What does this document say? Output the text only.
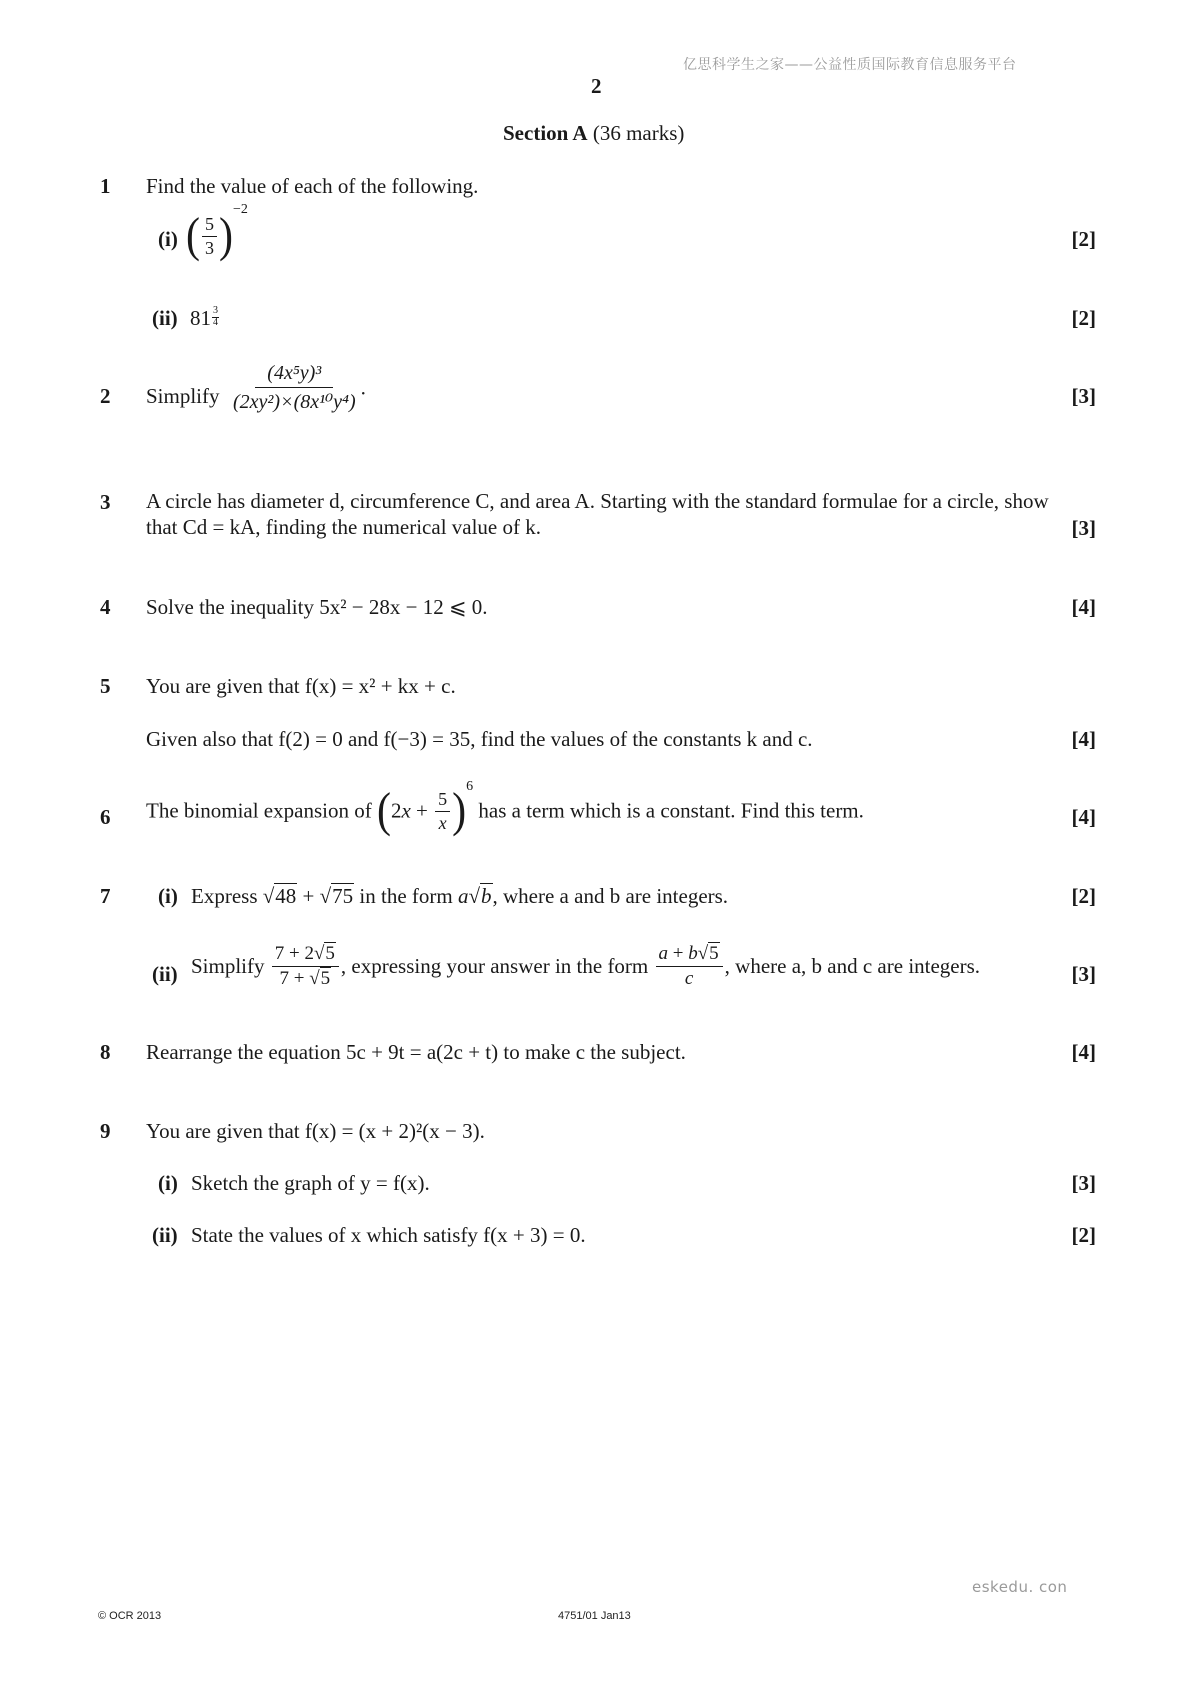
亿思科学生之家——公益性质国际教育信息服务平台
2
Section A (36 marks)
1	Find the value of each of the following.
(i) ( $\frac{5}{3} )^{-2}$
[2]
(ii) $81 \frac{3}{4}$	[2]
2	Simplify $\frac{\text{(4x⁵y)³}}{\text{(2xy²)×(8x¹⁰y⁴)}}$ .	[3]
3	A circle has diameter d, circumference C, and area A. Starting with the standard formulae for a circle, show
that Cd = kA, finding the numerical value of k.	[3]
4	Solve the inequality 5x² − 28x − 12 ⩽ 0.	[4]
5	You are given that f(x) = x² + kx + c.
Given also that f(2) = 0 and f(−3) = 35, find the values of the constants k and c.	[4]
6	The binomial expansion of $(2x + \frac{5}{x} )^6$ has a term which is a constant. Find this term.	[4]
7	(i) Express √48 + √75 in the form a√b, where a and b are integers.	[2]
(ii) Simplify $\frac{7 + 2√5}{7 + √5}$ , expressing your answer in the form $\frac{a + b√5}{c}$ , where a, b and c are integers.	[3]
8	Rearrange the equation 5c + 9t = a(2c + t) to make c the subject.	[4]
9	You are given that f(x) = (x + 2)²(x − 3).
(i) Sketch the graph of y = f(x).	[3]
(ii) State the values of x which satisfy f(x + 3) = 0.	[2]
eskedu. con
© OCR 2013	4751/01 Jan13
